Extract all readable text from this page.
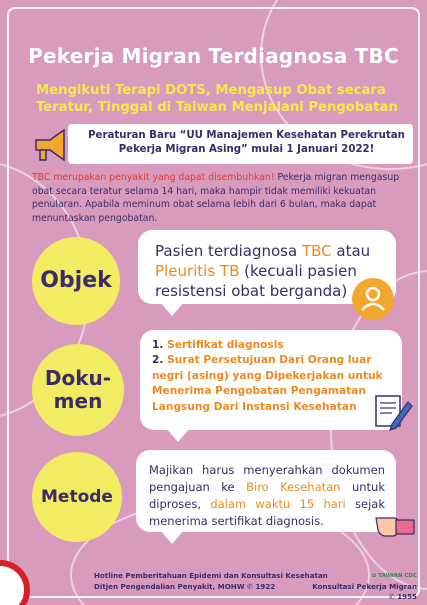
Pekerja Migran Terdiagnosa TBC
Mengikuti Terapi DOTS, Mengasup Obat secara Teratur, Tinggal di Taiwan Menjalani Pengobatan
Peraturan Baru “UU Manajemen Kesehatan Perekrutan Pekerja Migran Asing” mulai 1 Januari 2022!
TBC merupakan penyakit yang dapat disembuhkan! Pekerja migran mengasup obat secara teratur selama 14 hari, maka hampir tidak memiliki kekuatan penularan. Apabila meminum obat selama lebih dari 6 bulan, maka dapat menuntaskan pengobatan.
Pasien terdiagnosa TBC atau Pleuritis TB (kecuali pasien resistensi obat berganda)
Objek
1. Sertifikat diagnosis
2. Surat Persetujuan Dari Orang luar negri (asing) yang Dipekerjakan untuk Menerima Pengobatan Pengamatan Langsung Dari Instansi Kesehatan
Doku-
men
Majikan harus menyerahkan dokumen pengajuan ke Biro Kesehatan untuk diproses, dalam waktu 15 hari sejak menerima sertifikat diagnosis.
Metode
Hotline Pemberitahuan Epidemi dan Konsultasi Kesehatan
Ditjen Pengendalian Penyakit, MOHW ✆ 1922
✿ TAIWAN CDC
Konsultasi Pekerja Migran ✆ 1955
